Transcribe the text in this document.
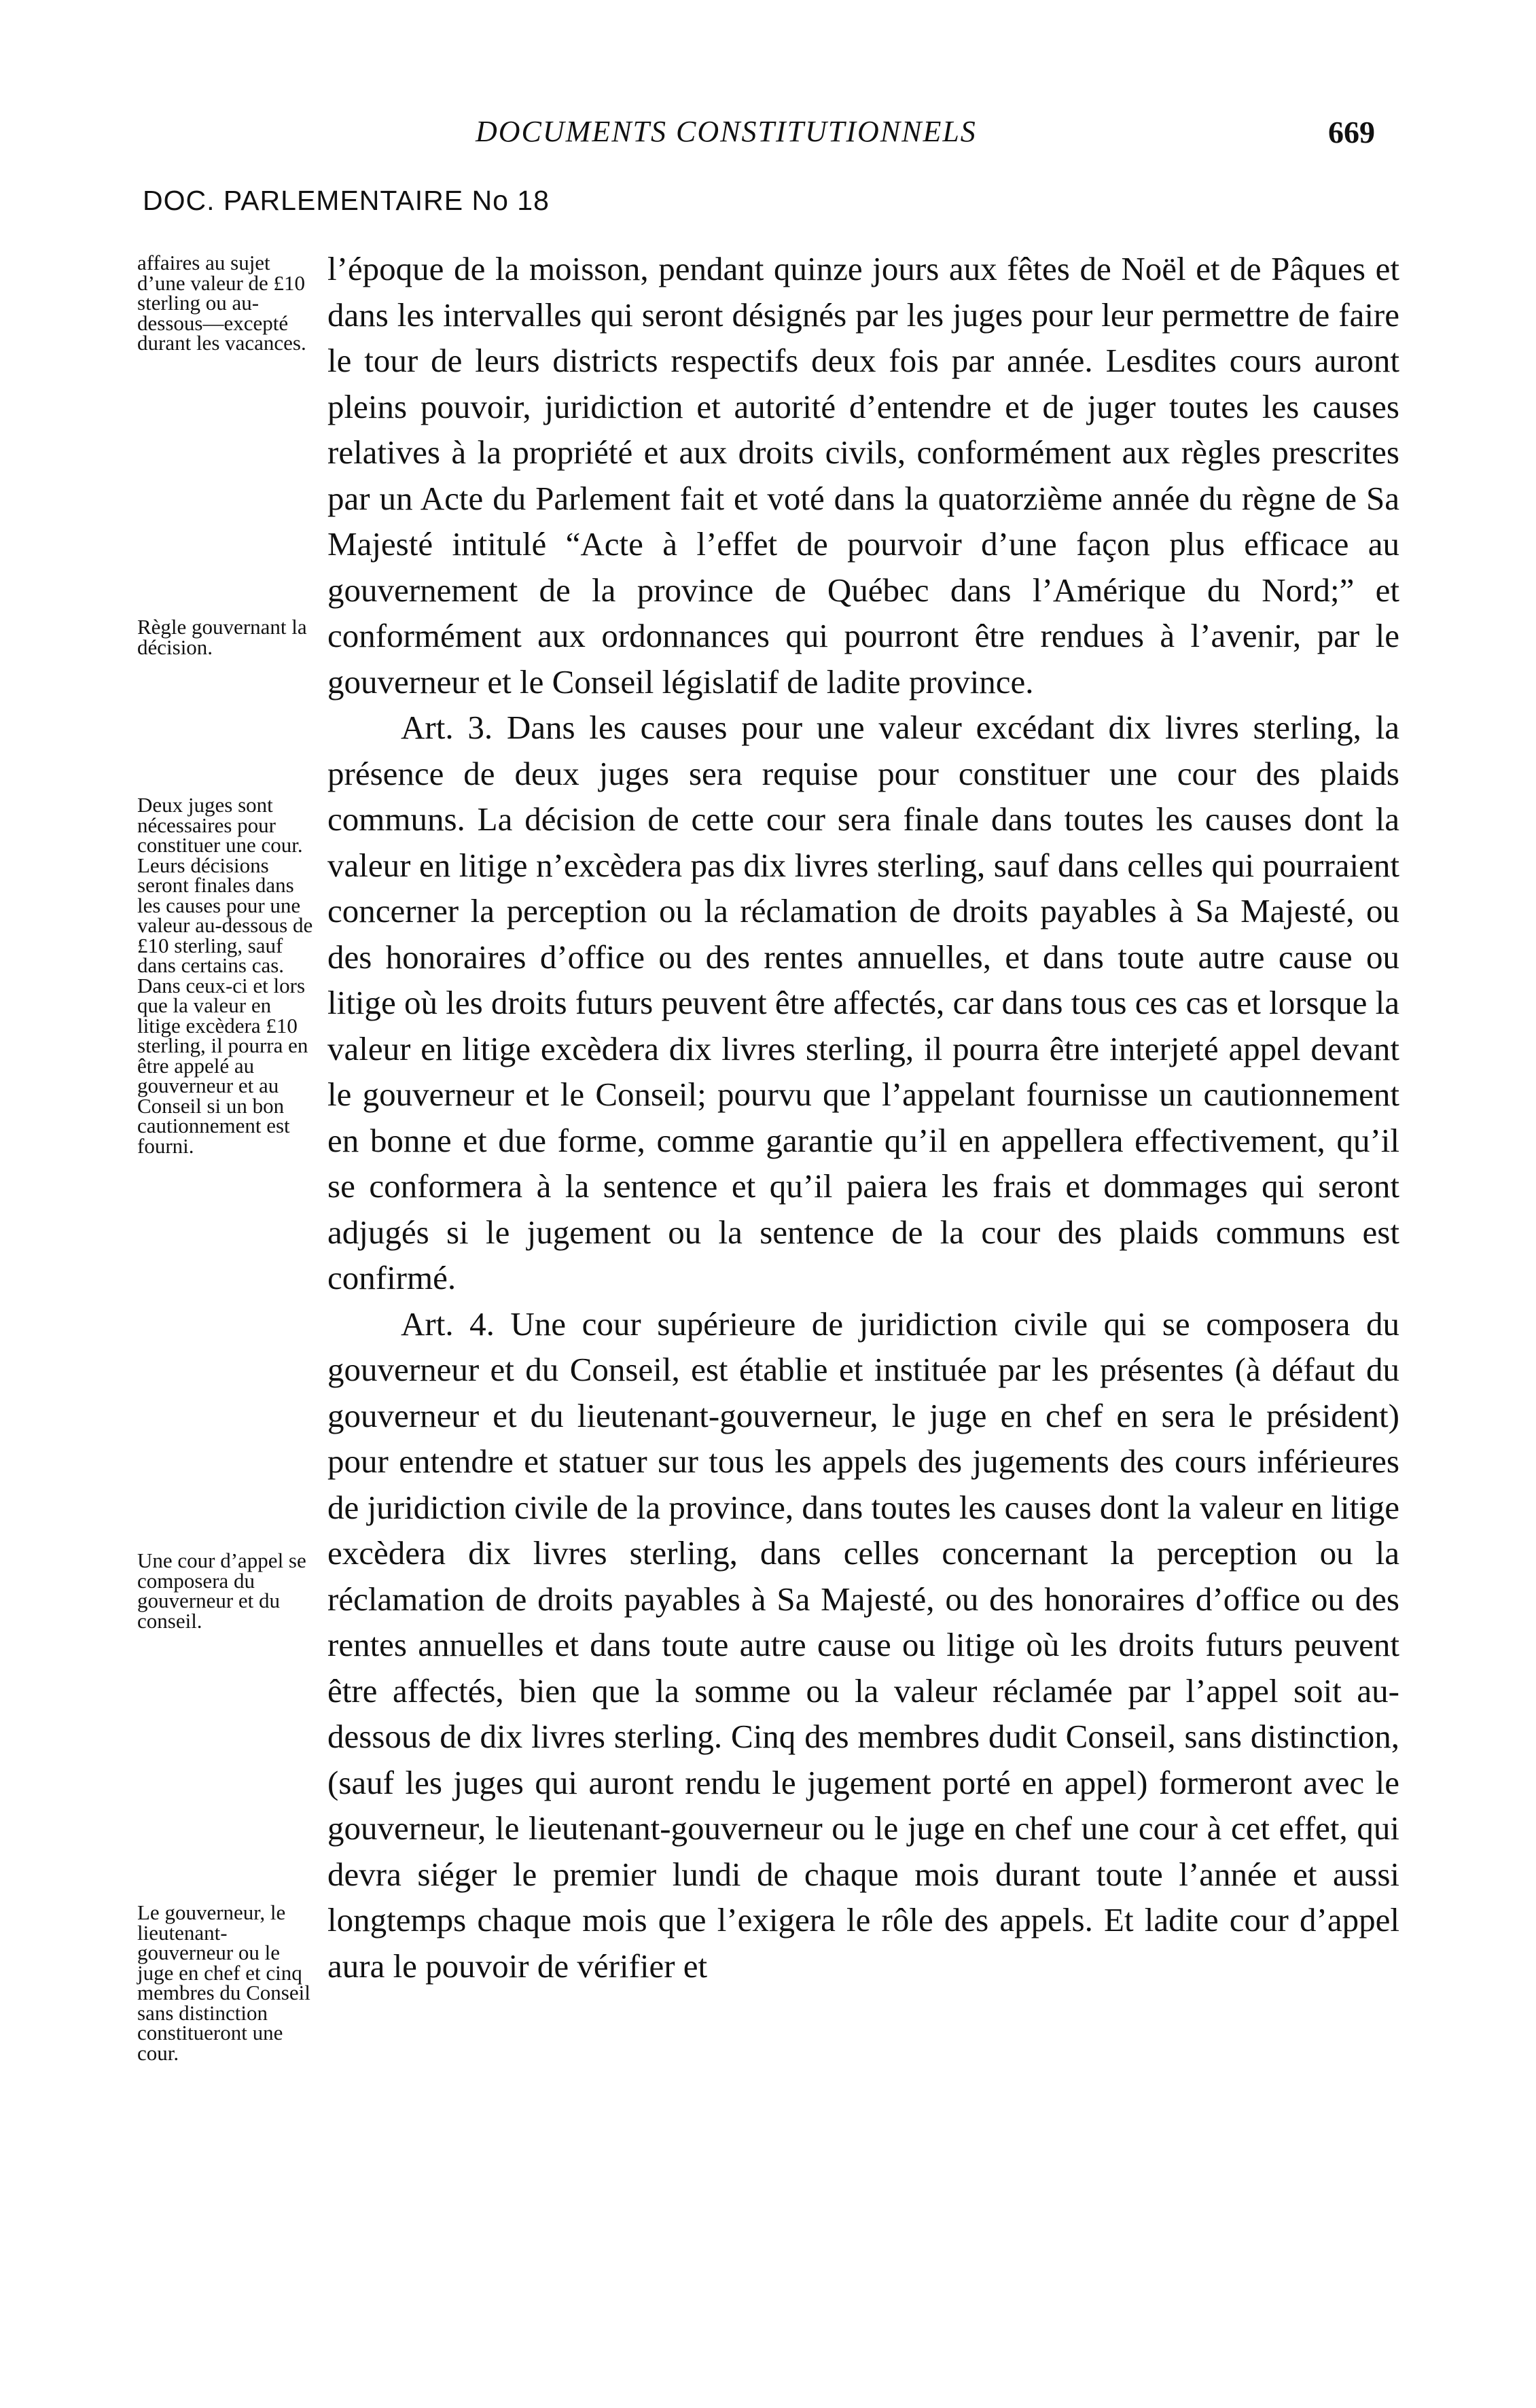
DOCUMENTS CONSTITUTIONNELS	669
DOC. PARLEMENTAIRE No 18
affaires au sujet d’une valeur de £10 sterling ou au-dessous—excepté durant les vacances.
Règle gouvernant la décision.
Deux juges sont nécessaires pour constituer une cour. Leurs décisions seront finales dans les causes pour une valeur au-dessous de £10 sterling, sauf dans certains cas. Dans ceux-ci et lors que la valeur en litige excèdera £10 sterling, il pourra en être appelé au gouverneur et au Conseil si un bon cautionnement est fourni.
Une cour d’appel se composera du gouverneur et du conseil.
Le gouverneur, le lieutenant-gouverneur ou le juge en chef et cinq membres du Conseil sans distinction constitueront une cour.

l’époque de la moisson, pendant quinze jours aux fêtes de Noël et de Pâques et dans les intervalles qui seront désignés par les juges pour leur permettre de faire le tour de leurs districts respectifs deux fois par année. Lesdites cours auront pleins pouvoir, juridiction et autorité d’entendre et de juger toutes les causes relatives à la propriété et aux droits civils, conformément aux règles prescrites par un Acte du Parlement fait et voté dans la quatorzième année du règne de Sa Majesté intitulé “Acte à l’effet de pourvoir d’une façon plus efficace au gouvernement de la province de Québec dans l’Amérique du Nord;” et conformément aux ordonnances qui pourront être rendues à l’avenir, par le gouverneur et le Conseil législatif de ladite province.

Art. 3. Dans les causes pour une valeur excédant dix livres sterling, la présence de deux juges sera requise pour constituer une cour des plaids communs. La décision de cette cour sera finale dans toutes les causes dont la valeur en litige n’excèdera pas dix livres sterling, sauf dans celles qui pourraient concerner la perception ou la réclamation de droits payables à Sa Majesté, ou des honoraires d’office ou des rentes annuelles, et dans toute autre cause ou litige où les droits futurs peuvent être affectés, car dans tous ces cas et lorsque la valeur en litige excèdera dix livres sterling, il pourra être interjeté appel devant le gouverneur et le Conseil; pourvu que l’appelant fournisse un cautionnement en bonne et due forme, comme garantie qu’il en appellera effectivement, qu’il se conformera à la sentence et qu’il paiera les frais et dommages qui seront adjugés si le jugement ou la sentence de la cour des plaids communs est confirmé.

Art. 4. Une cour supérieure de juridiction civile qui se composera du gouverneur et du Conseil, est établie et instituée par les présentes (à défaut du gouverneur et du lieutenant-gouverneur, le juge en chef en sera le président) pour entendre et statuer sur tous les appels des jugements des cours inférieures de juridiction civile de la province, dans toutes les causes dont la valeur en litige excèdera dix livres sterling, dans celles concernant la perception ou la réclamation de droits payables à Sa Majesté, ou des honoraires d’office ou des rentes annuelles et dans toute autre cause ou litige où les droits futurs peuvent être affectés, bien que la somme ou la valeur réclamée par l’appel soit au-dessous de dix livres sterling. Cinq des membres dudit Conseil, sans distinction, (sauf les juges qui auront rendu le jugement porté en appel) formeront avec le gouverneur, le lieutenant-gouverneur ou le juge en chef une cour à cet effet, qui devra siéger le premier lundi de chaque mois durant toute l’année et aussi longtemps chaque mois que l’exigera le rôle des appels. Et ladite cour d’appel aura le pouvoir de vérifier et
